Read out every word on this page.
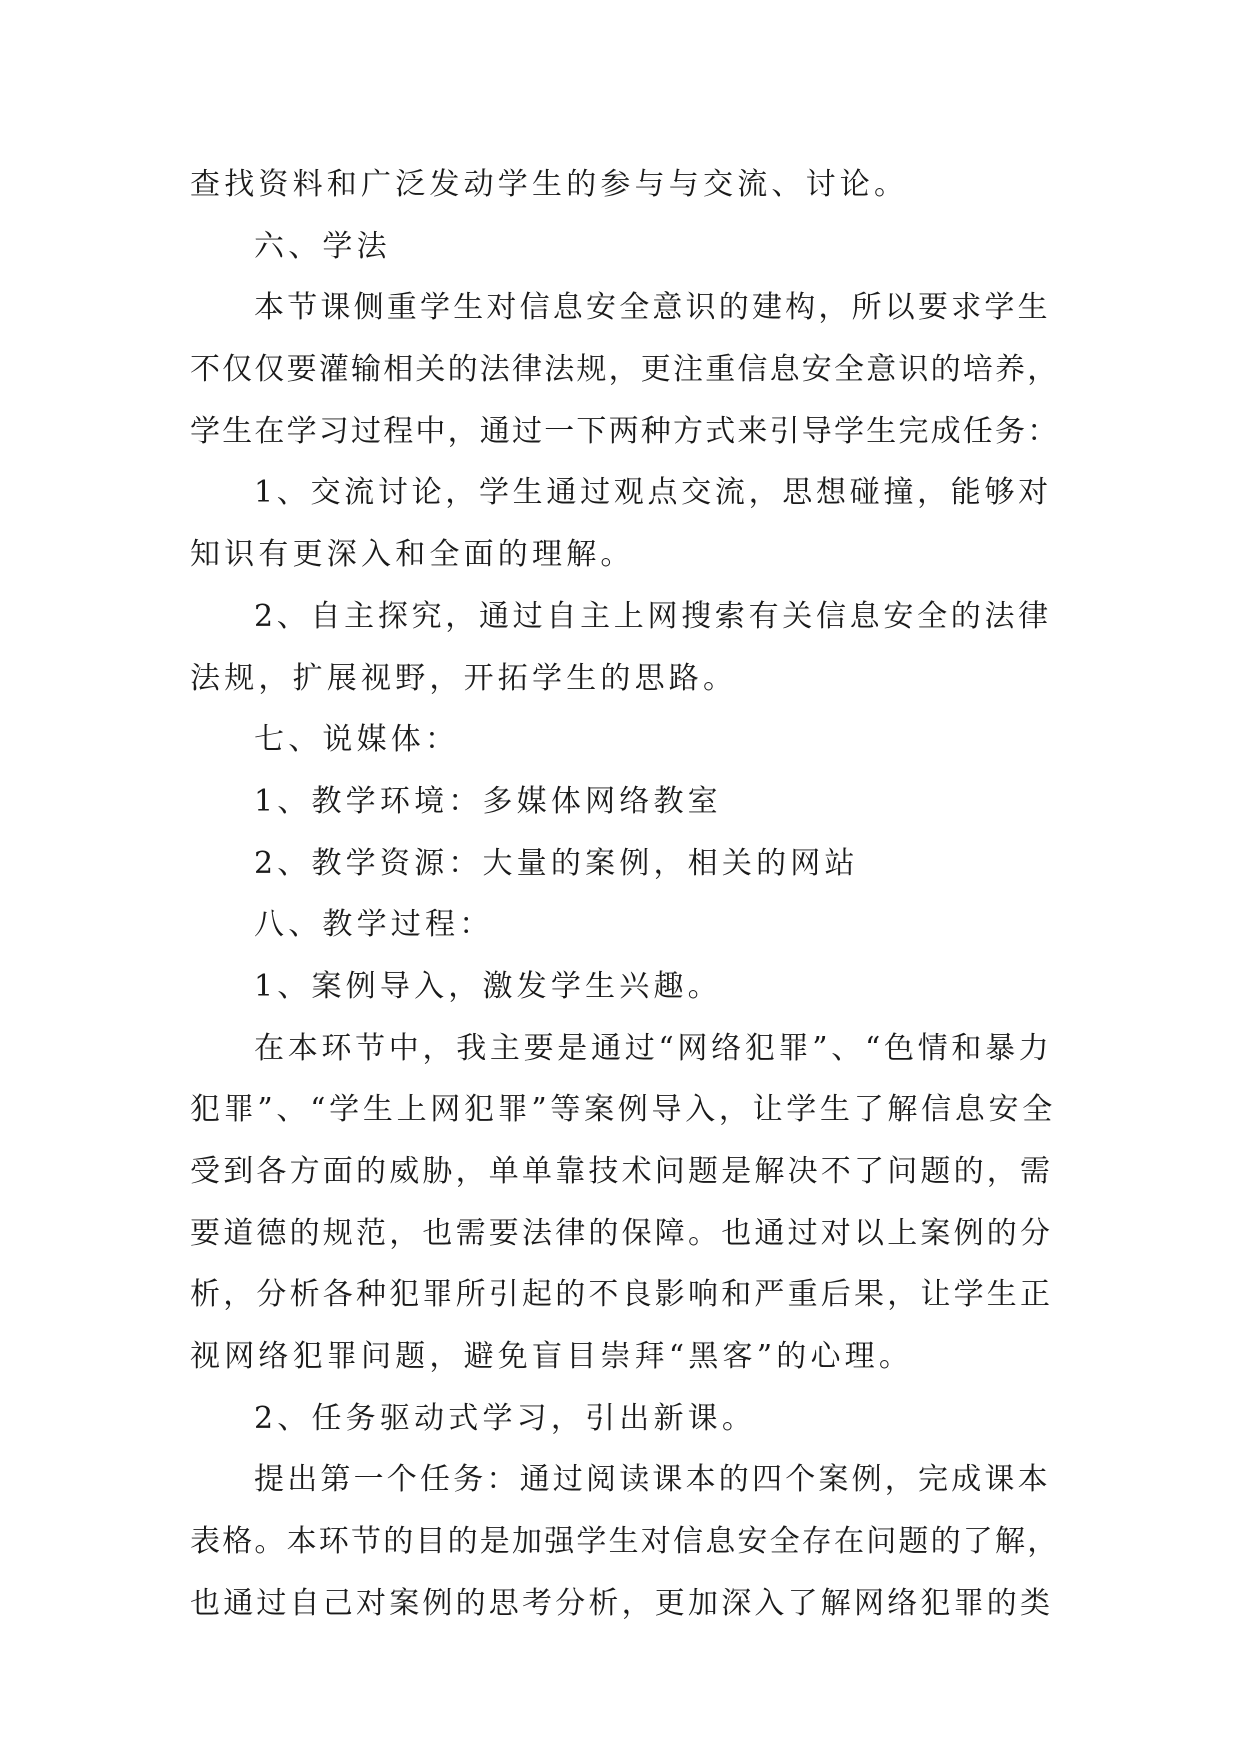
查找资料和广泛发动学生的参与与交流、讨论。
六、学法
本节课侧重学生对信息安全意识的建构，所以要求学生
不仅仅要灌输相关的法律法规，更注重信息安全意识的培养，
学生在学习过程中，通过一下两种方式来引导学生完成任务：
1、交流讨论，学生通过观点交流，思想碰撞，能够对
知识有更深入和全面的理解。
2、自主探究，通过自主上网搜索有关信息安全的法律
法规，扩展视野，开拓学生的思路。
七、说媒体：
1、教学环境：多媒体网络教室
2、教学资源：大量的案例，相关的网站
八、教学过程：
1、案例导入，激发学生兴趣。
在本环节中，我主要是通过“网络犯罪”、“色情和暴力
犯罪”、“学生上网犯罪”等案例导入，让学生了解信息安全
受到各方面的威胁，单单靠技术问题是解决不了问题的，需
要道德的规范，也需要法律的保障。也通过对以上案例的分
析，分析各种犯罪所引起的不良影响和严重后果，让学生正
视网络犯罪问题，避免盲目崇拜“黑客”的心理。
2、任务驱动式学习，引出新课。
提出第一个任务：通过阅读课本的四个案例，完成课本
表格。本环节的目的是加强学生对信息安全存在问题的了解，
也通过自己对案例的思考分析，更加深入了解网络犯罪的类
